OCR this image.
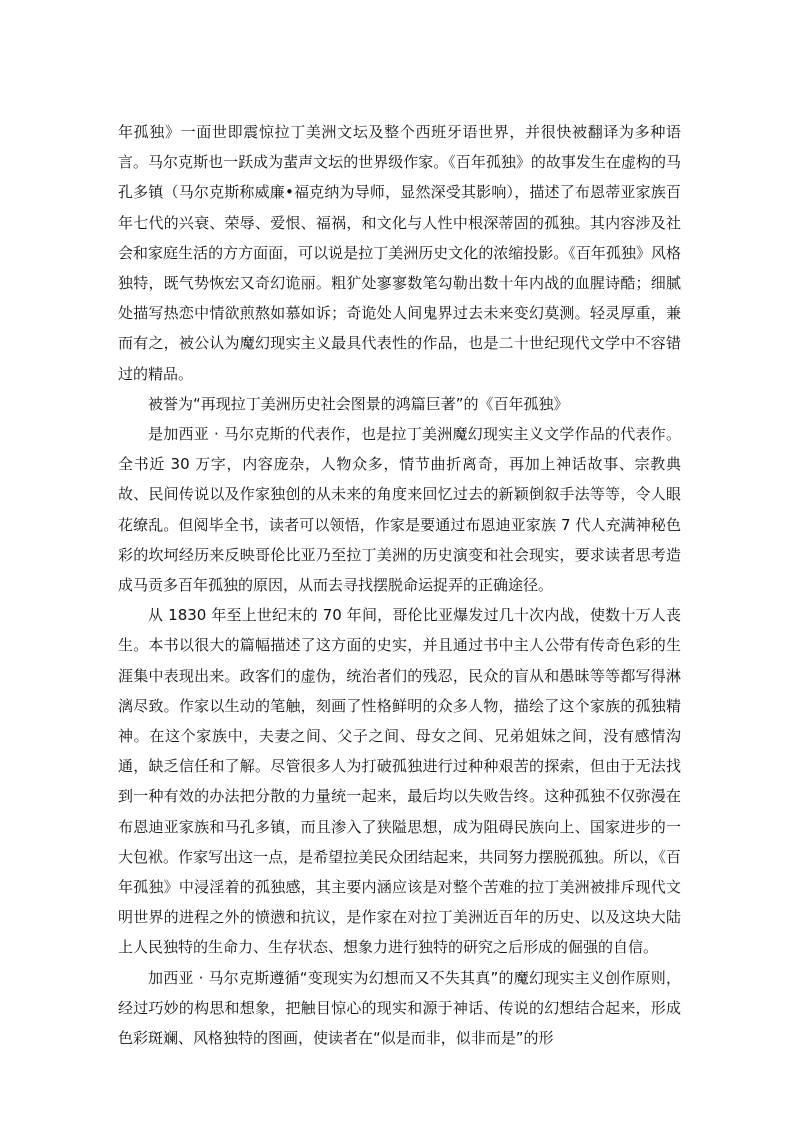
年孤独》一面世即震惊拉丁美洲文坛及整个西班牙语世界，并很快被翻译为多种语言。马尔克斯也一跃成为蜚声文坛的世界级作家。《百年孤独》的故事发生在虚构的马孔多镇（马尔克斯称威廉•福克纳为导师，显然深受其影响），描述了布恩蒂亚家族百年七代的兴衰、荣辱、爱恨、福祸，和文化与人性中根深蒂固的孤独。其内容涉及社会和家庭生活的方方面面，可以说是拉丁美洲历史文化的浓缩投影。《百年孤独》风格独特，既气势恢宏又奇幻诡丽。粗犷处寥寥数笔勾勒出数十年内战的血腥诗酷；细腻处描写热恋中情欲煎熬如慕如诉；奇诡处人间鬼界过去未来变幻莫测。轻灵厚重，兼而有之，被公认为魔幻现实主义最具代表性的作品，也是二十世纪现代文学中不容错过的精品。

被誉为“再现拉丁美洲历史社会图景的鸿篇巨著”的《百年孤独》

是加西亚 · 马尔克斯的代表作，也是拉丁美洲魔幻现实主义文学作品的代表作。全书近 30 万字，内容庞杂，人物众多，情节曲折离奇，再加上神话故事、宗教典故、民间传说以及作家独创的从未来的角度来回忆过去的新颖倒叙手法等等，令人眼花缭乱。但阅毕全书，读者可以领悟，作家是要通过布恩迪亚家族 7 代人充满神秘色彩的坎坷经历来反映哥伦比亚乃至拉丁美洲的历史演变和社会现实，要求读者思考造成马贡多百年孤独的原因，从而去寻找摆脱命运捉弄的正确途径。

从 1830 年至上世纪末的 70 年间，哥伦比亚爆发过几十次内战，使数十万人丧生。本书以很大的篇幅描述了这方面的史实，并且通过书中主人公带有传奇色彩的生涯集中表现出来。政客们的虚伪，统治者们的残忍，民众的盲从和愚昧等等都写得淋漓尽致。作家以生动的笔触，刻画了性格鲜明的众多人物，描绘了这个家族的孤独精神。在这个家族中，夫妻之间、父子之间、母女之间、兄弟姐妹之间，没有感情沟通，缺乏信任和了解。尽管很多人为打破孤独进行过种种艰苦的探索，但由于无法找到一种有效的办法把分散的力量统一起来，最后均以失败告终。这种孤独不仅弥漫在布恩迪亚家族和马孔多镇，而且渗入了狭隘思想，成为阻碍民族向上、国家进步的一大包袱。作家写出这一点，是希望拉美民众团结起来，共同努力摆脱孤独。所以，《百年孤独》中浸淫着的孤独感，其主要内涵应该是对整个苦难的拉丁美洲被排斥现代文明世界的进程之外的愤懑和抗议，是作家在对拉丁美洲近百年的历史、以及这块大陆上人民独特的生命力、生存状态、想象力进行独特的研究之后形成的倔强的自信。

加西亚 · 马尔克斯遵循“变现实为幻想而又不失其真”的魔幻现实主义创作原则，经过巧妙的构思和想象，把触目惊心的现实和源于神话、传说的幻想结合起来，形成色彩斑斓、风格独特的图画，使读者在“似是而非，似非而是”的形
